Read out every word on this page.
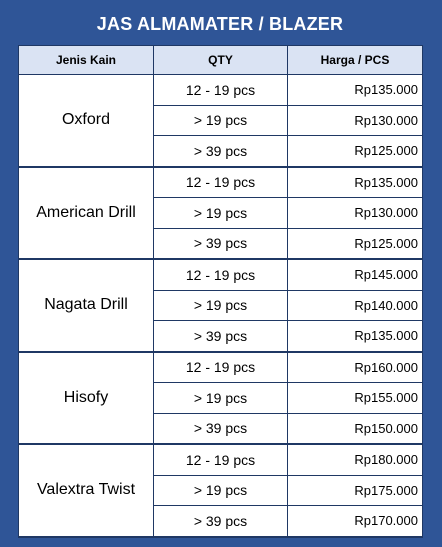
JAS ALMAMATER / BLAZER
Jenis Kain	QTY	Harga / PCS
Oxford	12 - 19 pcs	Rp135.000
	> 19 pcs	Rp130.000
	> 39 pcs	Rp125.000
American Drill	12 - 19 pcs	Rp135.000
	> 19 pcs	Rp130.000
	> 39 pcs	Rp125.000
Nagata Drill	12 - 19 pcs	Rp145.000
	> 19 pcs	Rp140.000
	> 39 pcs	Rp135.000
Hisofy	12 - 19 pcs	Rp160.000
	> 19 pcs	Rp155.000
	> 39 pcs	Rp150.000
Valextra Twist	12 - 19 pcs	Rp180.000
	> 19 pcs	Rp175.000
	> 39 pcs	Rp170.000
